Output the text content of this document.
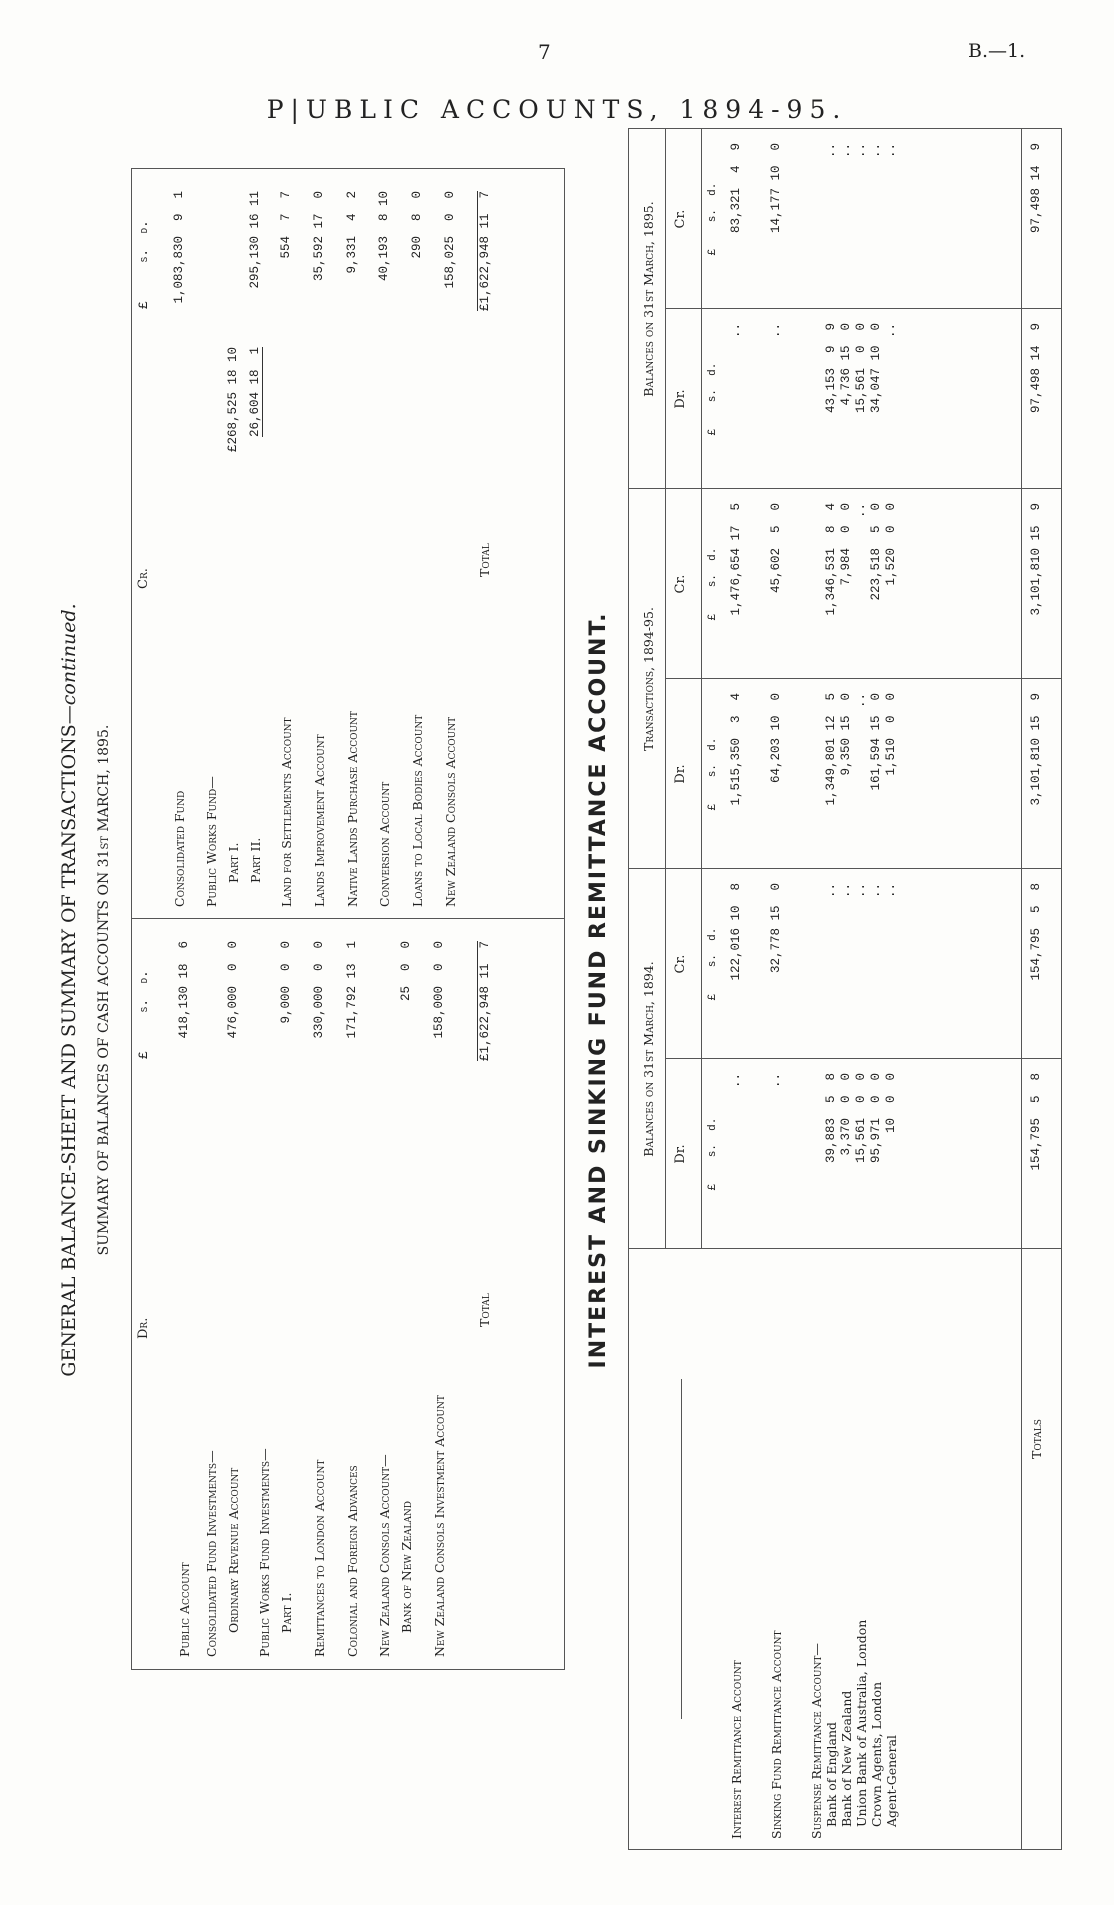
7	B.—1.
P|UBLIC ACCOUNTS, 1894-95.
GENERAL BALANCE-SHEET AND SUMMARY OF TRANSACTIONS—continued.
SUMMARY OF BALANCES OF CASH ACCOUNTS ON 31st MARCH, 1895.
Dr.
£     s.  d.
Public Account
418,130 18  6
Consolidated Fund Investments— Ordinary Revenue Account
476,000  0  0
Public Works Fund Investments— Part I.
9,000  0  0
Remittances to London Account
330,000  0  0
Colonial and Foreign Advances
171,792 13  1
New Zealand Consols Account— Bank of New Zealand
25  0  0
New Zealand Consols Investment Account
158,000  0  0
Total
£1,622,948 11  7
Cr.
£     s.  d.
Consolidated Fund
1,083,830  9  1
Public Works Fund— Part I.
£268,525 18 10
Part II.
26,604 18  1
295,130 16 11
Land for Settlements Account
554  7  7
Lands Improvement Account
35,592 17  0
Native Lands Purchase Account
9,331  4  2
Conversion Account
40,193  8 10
Loans to Local Bodies Account
290  8  0
New Zealand Consols Account
158,025  0  0
Total
£1,622,948 11  7
INTEREST AND SINKING FUND REMITTANCE ACCOUNT. Balances on 31st March, 1894.
Transactions, 1894-95.
Balances on 31st March, 1895.
Dr. £    s.  d.
Cr. £    s.  d.
Dr. £    s.  d.
Cr. £    s.  d.
Dr. £    s.  d.
Cr. £    s.  d.
Interest Remittance Account
..
122,016 10  8
1,515,350  3  4
1,476,654 17  5
..
83,321  4  9
Sinking Fund Remittance Account
..
32,778 15  0
64,203 10  0
45,602  5  0
..
14,177 10  0
Suspense Remittance Account— Bank of England Bank of New Zealand Union Bank of Australia, London Crown Agents, London Agent-General

39,883  5  8
3,370  0  0
15,561  0  0
95,971  0  0
10  0  0

..
..
..
..
..

1,349,801 12  5
9,350 15  0
..
161,594 15  0
1,510  0  0

1,346,531  8  4
7,984  0  0
..
223,518  5  0
1,520  0  0

43,153  9  9
4,736 15  0
15,561  0  0
34,047 10  0
..

..
..
..
..
..
Totals
154,795  5  8
154,795  5  8
3,101,810 15  9
3,101,810 15  9
97,498 14  9
97,498 14  9
